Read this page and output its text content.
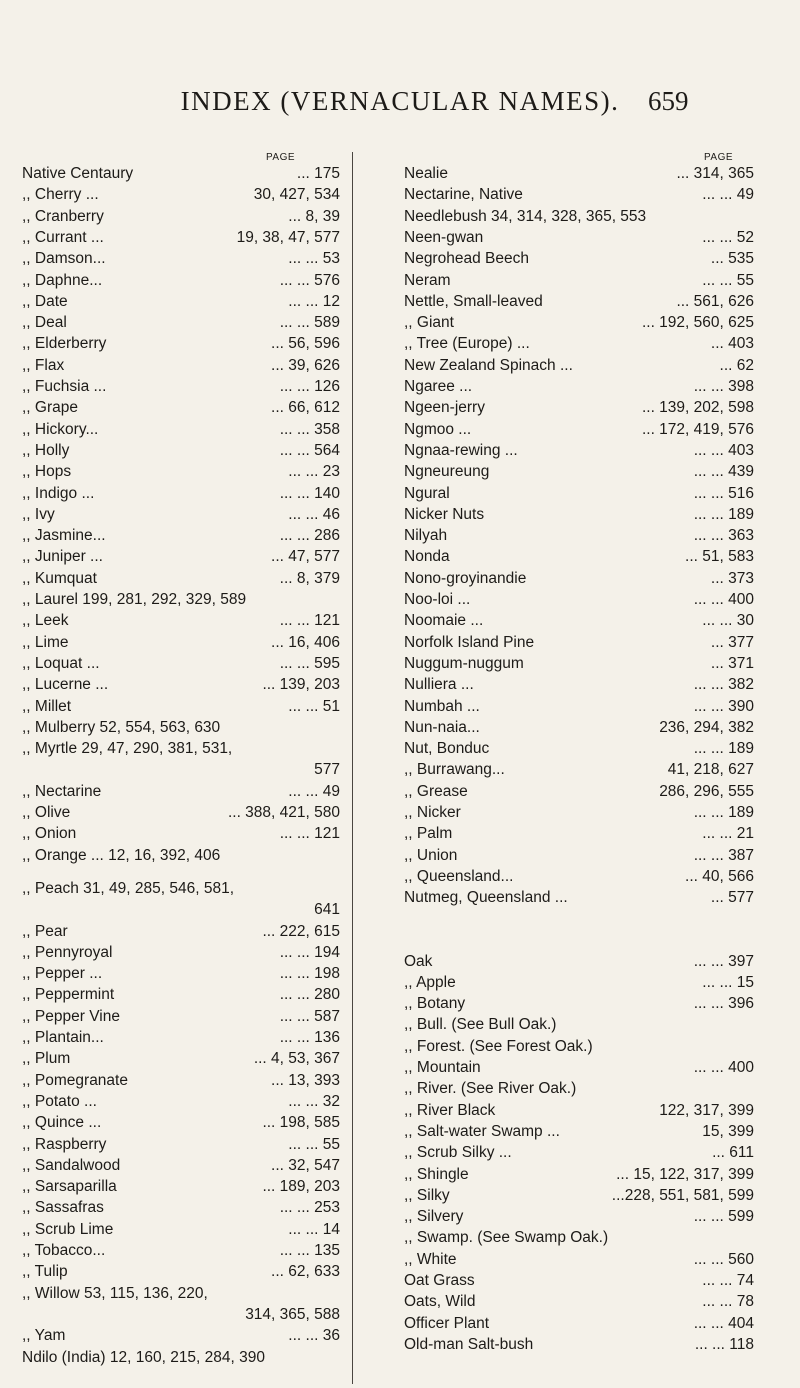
INDEX (VERNACULAR NAMES).	659
PAGE
Native Centaury	... 175
,, Cherry ...	30, 427, 534
,, Cranberry	... 8, 39
,, Currant ...	19, 38, 47, 577
,, Damson...	... ... 53
,, Daphne...	... ... 576
,, Date	... ... 12
,, Deal	... ... 589
,, Elderberry	... 56, 596
,, Flax	... 39, 626
,, Fuchsia ...	... ... 126
,, Grape	... 66, 612
,, Hickory...	... ... 358
,, Holly	... ... 564
,, Hops	... ... 23
,, Indigo ...	... ... 140
,, Ivy	... ... 46
,, Jasmine...	... ... 286
,, Juniper ...	... 47, 577
,, Kumquat	... 8, 379
,, Laurel 199, 281, 292, 329, 589
,, Leek	... ... 121
,, Lime	... 16, 406
,, Loquat ...	... ... 595
,, Lucerne ...	... 139, 203
,, Millet	... ... 51
,, Mulberry 52, 554, 563, 630
,, Myrtle 29, 47, 290, 381, 531,
577
,, Nectarine	... ... 49
,, Olive	... 388, 421, 580
,, Onion	... ... 121
,, Orange ... 12, 16, 392, 406
,, Peach 31, 49, 285, 546, 581,
641
,, Pear	... 222, 615
,, Pennyroyal	... ... 194
,, Pepper ...	... ... 198
,, Peppermint	... ... 280
,, Pepper Vine	... ... 587
,, Plantain...	... ... 136
,, Plum	... 4, 53, 367
,, Pomegranate	... 13, 393
,, Potato ...	... ... 32
,, Quince ...	... 198, 585
,, Raspberry	... ... 55
,, Sandalwood	... 32, 547
,, Sarsaparilla	... 189, 203
,, Sassafras	... ... 253
,, Scrub Lime	... ... 14
,, Tobacco...	... ... 135
,, Tulip	... 62, 633
,, Willow 53, 115, 136, 220,
314, 365, 588
,, Yam	... ... 36
Ndilo (India) 12, 160, 215, 284, 390
PAGE
Nealie	... 314, 365
Nectarine, Native	... ... 49
Needlebush 34, 314, 328, 365, 553
Neen-gwan	... ... 52
Negrohead Beech	... 535
Neram	... ... 55
Nettle, Small-leaved	... 561, 626
,, Giant	... 192, 560, 625
,, Tree (Europe) ...	... 403
New Zealand Spinach ...	... 62
Ngaree ...	... ... 398
Ngeen-jerry	... 139, 202, 598
Ngmoo ...	... 172, 419, 576
Ngnaa-rewing ...	... ... 403
Ngneureung	... ... 439
Ngural	... ... 516
Nicker Nuts	... ... 189
Nilyah	... ... 363
Nonda	... 51, 583
Nono-groyinandie	... 373
Noo-loi ...	... ... 400
Noomaie ...	... ... 30
Norfolk Island Pine	... 377
Nuggum-nuggum	... 371
Nulliera ...	... ... 382
Numbah ...	... ... 390
Nun-naia...	236, 294, 382
Nut, Bonduc	... ... 189
,, Burrawang...	41, 218, 627
,, Grease	286, 296, 555
,, Nicker	... ... 189
,, Palm	... ... 21
,, Union	... ... 387
,, Queensland...	... 40, 566
Nutmeg, Queensland ...	... 577
Oak	... ... 397
,, Apple	... ... 15
,, Botany	... ... 396
,, Bull. (See Bull Oak.)
,, Forest. (See Forest Oak.)
,, Mountain	... ... 400
,, River. (See River Oak.)
,, River Black	122, 317, 399
,, Salt-water Swamp ...	15, 399
,, Scrub Silky ...	... 611
,, Shingle	... 15, 122, 317, 399
,, Silky	...228, 551, 581, 599
,, Silvery	... ... 599
,, Swamp. (See Swamp Oak.)
,, White	... ... 560
Oat Grass	... ... 74
Oats, Wild	... ... 78
Officer Plant	... ... 404
Old-man Salt-bush	... ... 118
